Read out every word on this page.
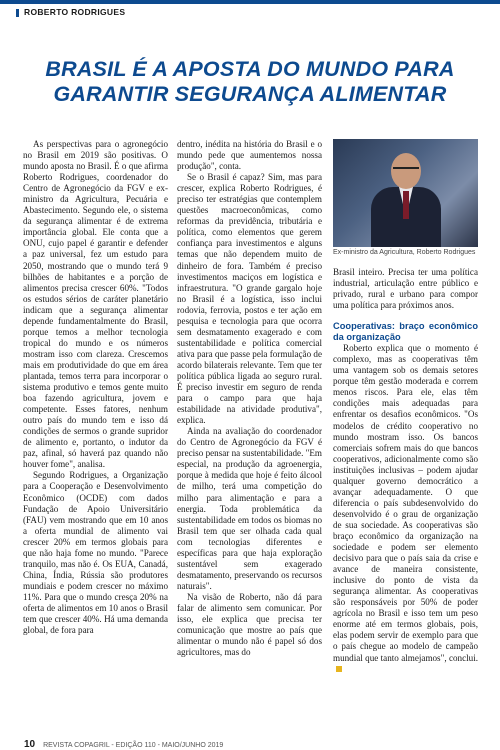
ROBERTO RODRIGUES
BRASIL É A APOSTA DO MUNDO PARA GARANTIR SEGURANÇA ALIMENTAR

As perspectivas para o agronegócio no Brasil em 2019 são positivas. O mundo aposta no Brasil. É o que afirma Roberto Rodrigues, coordenador do Centro de Agronegócio da FGV e ex-ministro da Agricultura, Pecuária e Abastecimento. Segundo ele, o sistema da segurança alimentar é de extrema importância global. Ele conta que a ONU, cujo papel é garantir e defender a paz universal, fez um estudo para 2050, mostrando que o mundo terá 9 bilhões de habitantes e a porção de alimentos precisa crescer 60%. "Todos os estudos sérios de caráter planetário indicam que a segurança alimentar depende fundamentalmente do Brasil, porque temos a melhor tecnologia tropical do mundo e os números mostram isso com clareza. Crescemos mais em produtividade do que em área plantada, temos terra para incorporar o sistema produtivo e temos gente muito boa fazendo agricultura, jovem e competente. Esses fatores, nenhum outro país do mundo tem e isso dá condições de sermos o grande supridor de alimento e, portanto, o indutor da paz, afinal, só haverá paz quando não houver fome", analisa.

Segundo Rodrigues, a Organização para a Cooperação e Desenvolvimento Econômico (OCDE) com dados Fundação de Apoio Universitário (FAU) vem mostrando que em 10 anos a oferta mundial de alimento vai crescer 20% em termos globais para que não haja fome no mundo. "Parece tranquilo, mas não é. Os EUA, Canadá, China, Índia, Rússia são produtores mundiais e podem crescer no máximo 11%. Para que o mundo cresça 20% na oferta de alimentos em 10 anos o Brasil tem que crescer 40%. Há uma demanda global, de fora para

dentro, inédita na história do Brasil e o mundo pede que aumentemos nossa produção", conta.

Se o Brasil é capaz? Sim, mas para crescer, explica Roberto Rodrigues, é preciso ter estratégias que contemplem questões macroeconômicas, como reformas da previdência, tributária e política, como elementos que gerem confiança para investimentos e alguns temas que não dependem muito de dinheiro de fora. Também é preciso investimentos maciços em logística e infraestrutura. "O grande gargalo hoje no Brasil é a logística, isso inclui rodovia, ferrovia, postos e ter ação em pesquisa e tecnologia para que ocorra sem desmatamento exagerado e com sustentabilidade e política comercial ativa para que passe pela formulação de acordo bilaterais relevante. Tem que ter política pública ligada ao seguro rural. É preciso investir em seguro de renda para o campo para que haja estabilidade na atividade produtiva", explica.

Ainda na avaliação do coordenador do Centro de Agronegócio da FGV é preciso pensar na sustentabilidade. "Em especial, na produção da agroenergia, porque à medida que hoje é feito álcool de milho, terá uma competição do milho para alimentação e para a energia. Toda problemática da sustentabilidade em todos os biomas no Brasil tem que ser olhada cada qual com tecnologias diferentes e específicas para que haja exploração sustentável sem exagerado desmatamento, preservando os recursos naturais".

Na visão de Roberto, não dá para falar de alimento sem comunicar. Por isso, ele explica que precisa ter comunicação que mostre ao país que alimentar o mundo não é papel só dos agricultores, mas do

Ex-ministro da Agricultura, Roberto Rodrigues

Brasil inteiro. Precisa ter uma política industrial, articulação entre público e privado, rural e urbano para compor uma política para próximos anos.

Cooperativas: braço econômico da organização

Roberto explica que o momento é complexo, mas as cooperativas têm uma vantagem sob os demais setores porque têm gestão moderada e correm menos riscos. Para ele, elas têm condições mais adequadas para enfrentar os desafios econômicos. "Os modelos de crédito cooperativo no mundo mostram isso. Os bancos comerciais sofrem mais do que bancos cooperativos, adicionalmente como são instituições inclusivas – podem ajudar qualquer governo democrático a avançar adequadamente. O que diferencia o país subdesenvolvido do desenvolvido é o grau de organização de sua sociedade. As cooperativas são braço econômico da organização na sociedade e podem ser elemento decisivo para que o país saia da crise e avance de maneira consistente, inclusive do ponto de vista da segurança alimentar. As cooperativas são responsáveis por 50% de poder agrícola no Brasil e isso tem um peso enorme até em termos globais, pois, elas podem servir de exemplo para que o país chegue ao modelo de campeão mundial que tanto almejamos", conclui.

10 REVISTA COPAGRIL - EDIÇÃO 110 - MAIO/JUNHO 2019
